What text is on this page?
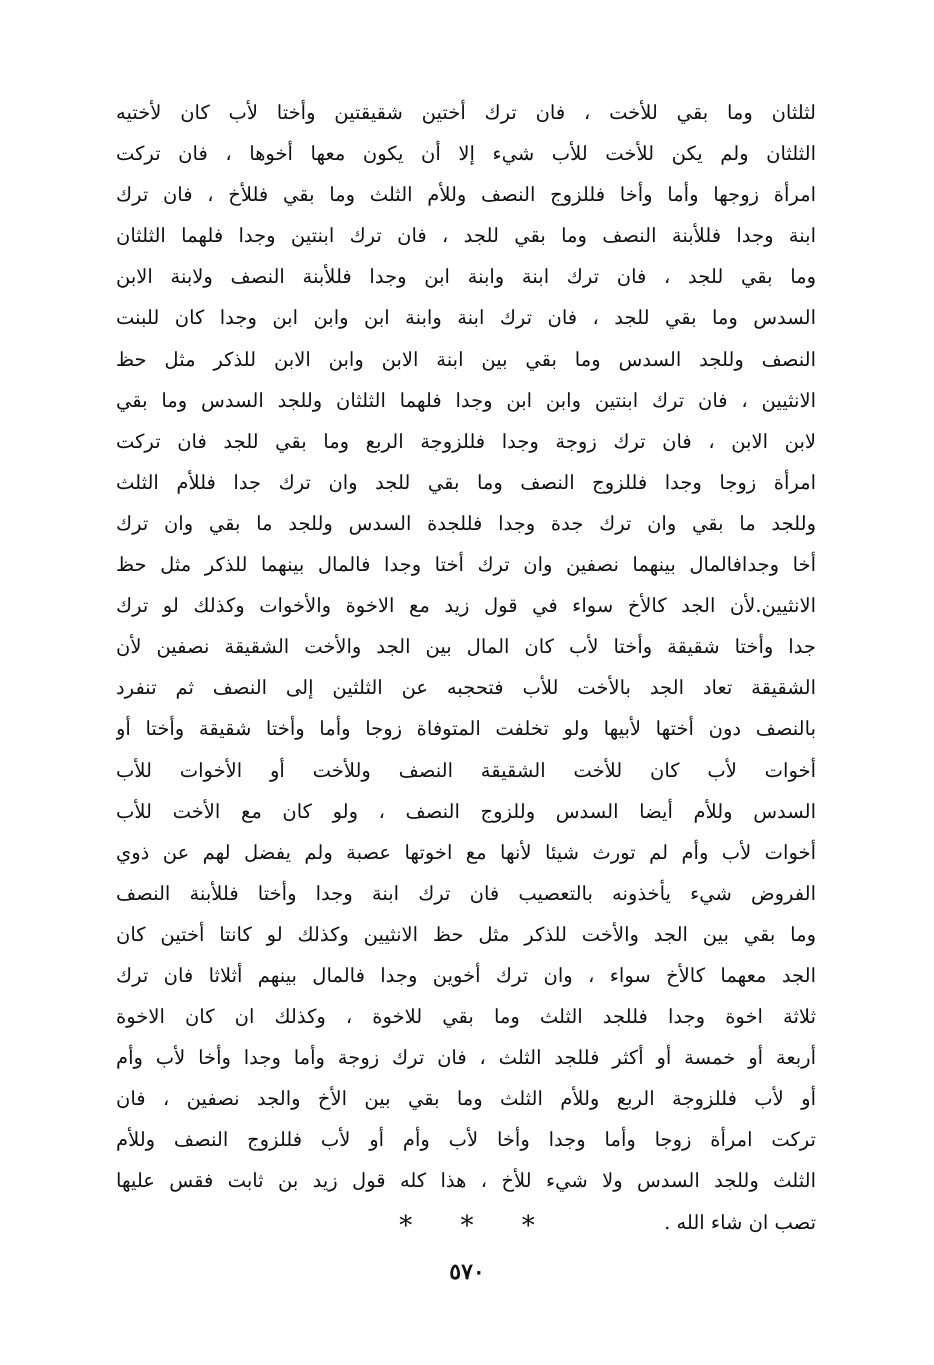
لثلثان وما بقي للأخت ، فان ترك أختين شقيقتين وأختا لأب كان لأختيه
الثلثان ولم يكن للأخت للأب شيء إلا أن يكون معها أخوها ، فان تركت
امرأة زوجها وأما وأخا فللزوج النصف وللأم الثلث وما بقي فللأخ ، فان ترك
ابنة وجدا فللأبنة النصف وما بقي للجد ، فان ترك ابنتين وجدا فلهما الثلثان
وما بقي للجد ، فان ترك ابنة وابنة ابن وجدا فللأبنة النصف ولابنة الابن
السدس وما بقي للجد ، فان ترك ابنة وابنة ابن وابن ابن وجدا كان للبنت
النصف وللجد السدس وما بقي بين ابنة الابن وابن الابن للذكر مثل حظ
الانثيين ، فان ترك ابنتين وابن ابن وجدا فلهما الثلثان وللجد السدس وما بقي
لابن الابن ، فان ترك زوجة وجدا فللزوجة الربع وما بقي للجد فان تركت
امرأة زوجا وجدا فللزوج النصف وما بقي للجد وان ترك جدا فللأم الثلث
وللجد ما بقي وان ترك جدة وجدا فللجدة السدس وللجد ما بقي وان ترك
أخا وجدافالمال بينهما نصفين وان ترك أختا وجدا فالمال بينهما للذكر مثل حظ
الانثيين.لأن الجد كالأخ سواء في قول زيد مع الاخوة والأخوات وكذلك لو ترك
جدا وأختا شقيقة وأختا لأب كان المال بين الجد والأخت الشقيقة نصفين لأن
الشقيقة تعاد الجد بالأخت للأب فتحجبه عن الثلثين إلى النصف ثم تنفرد
بالنصف دون أختها لأبيها ولو تخلفت المتوفاة زوجا وأما وأختا شقيقة وأختا أو
أخوات لأب كان للأخت الشقيقة النصف وللأخت أو الأخوات للأب
السدس وللأم أيضا السدس وللزوج النصف ، ولو كان مع الأخت للأب
أخوات لأب وأم لم تورث شيئا لأنها مع اخوتها عصبة ولم يفضل لهم عن ذوي
الفروض شيء يأخذونه بالتعصيب فان ترك ابنة وجدا وأختا فللأبنة النصف
وما بقي بين الجد والأخت للذكر مثل حظ الانثيين وكذلك لو كانتا أختين كان
الجد معهما كالأخ سواء ، وان ترك أخوين وجدا فالمال بينهم أثلاثا فان ترك
ثلاثة اخوة وجدا فللجد الثلث وما بقي للاخوة ، وكذلك ان كان الاخوة
أربعة أو خمسة أو أكثر فللجد الثلث ، فان ترك زوجة وأما وجدا وأخا لأب وأم
أو لأب فللزوجة الربع وللأم الثلث وما بقي بين الأخ والجد نصفين ، فان
تركت امرأة زوجا وأما وجدا وأخا لأب وأم أو لأب فللزوج النصف وللأم
الثلث وللجد السدس ولا شيء للأخ ، هذا كله قول زيد بن ثابت فقس عليها
تصب ان شاء الله .
* * *
٥٧٠
